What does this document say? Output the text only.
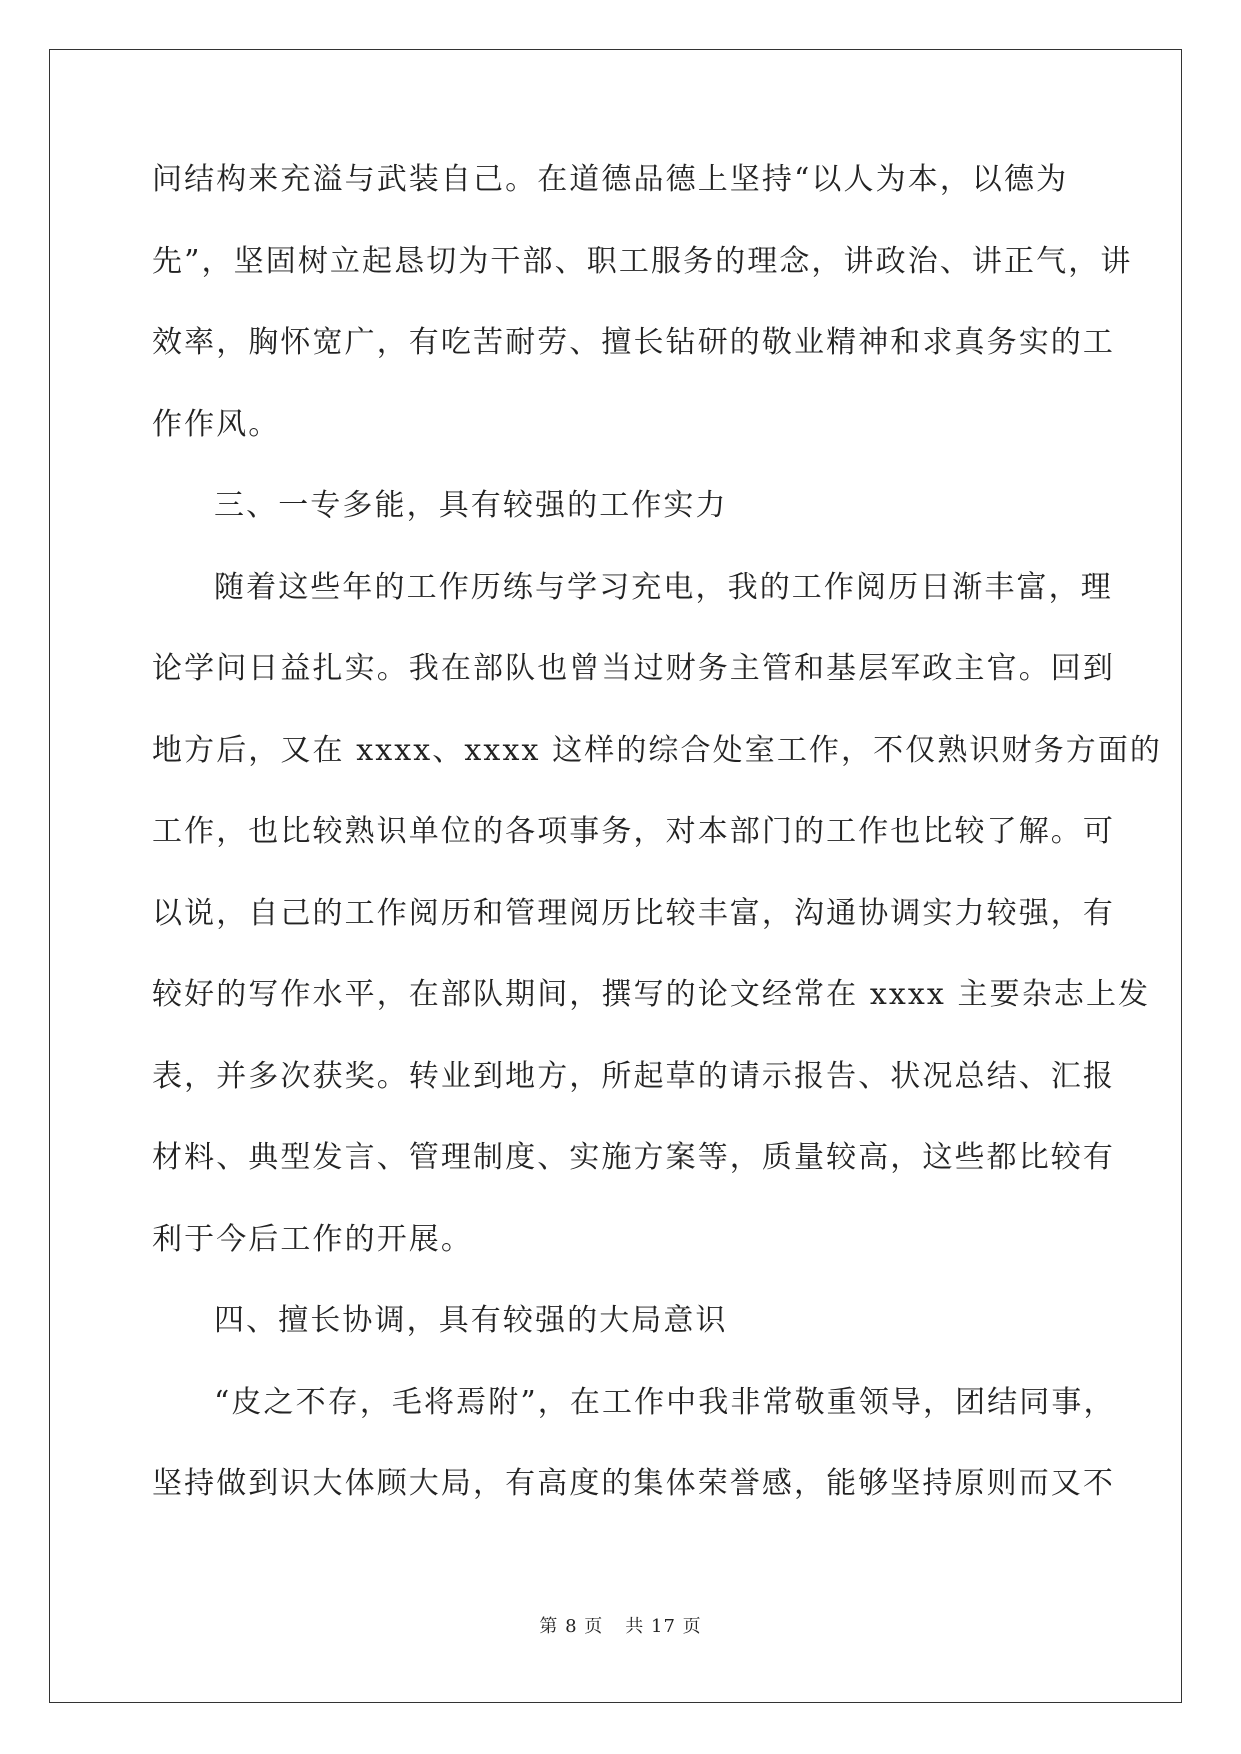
问结构来充溢与武装自己。在道德品德上坚持“以人为本，以德为
先”，坚固树立起恳切为干部、职工服务的理念，讲政治、讲正气，讲
效率，胸怀宽广，有吃苦耐劳、擅长钻研的敬业精神和求真务实的工
作作风。
三、一专多能，具有较强的工作实力
随着这些年的工作历练与学习充电，我的工作阅历日渐丰富，理
论学问日益扎实。我在部队也曾当过财务主管和基层军政主官。回到
地方后，又在 xxxx、xxxx 这样的综合处室工作，不仅熟识财务方面的
工作，也比较熟识单位的各项事务，对本部门的工作也比较了解。可
以说，自己的工作阅历和管理阅历比较丰富，沟通协调实力较强，有
较好的写作水平，在部队期间，撰写的论文经常在 xxxx 主要杂志上发
表，并多次获奖。转业到地方，所起草的请示报告、状况总结、汇报
材料、典型发言、管理制度、实施方案等，质量较高，这些都比较有
利于今后工作的开展。
四、擅长协调，具有较强的大局意识
“皮之不存，毛将焉附”，在工作中我非常敬重领导，团结同事，
坚持做到识大体顾大局，有高度的集体荣誉感，能够坚持原则而又不
第 8 页 共 17 页
